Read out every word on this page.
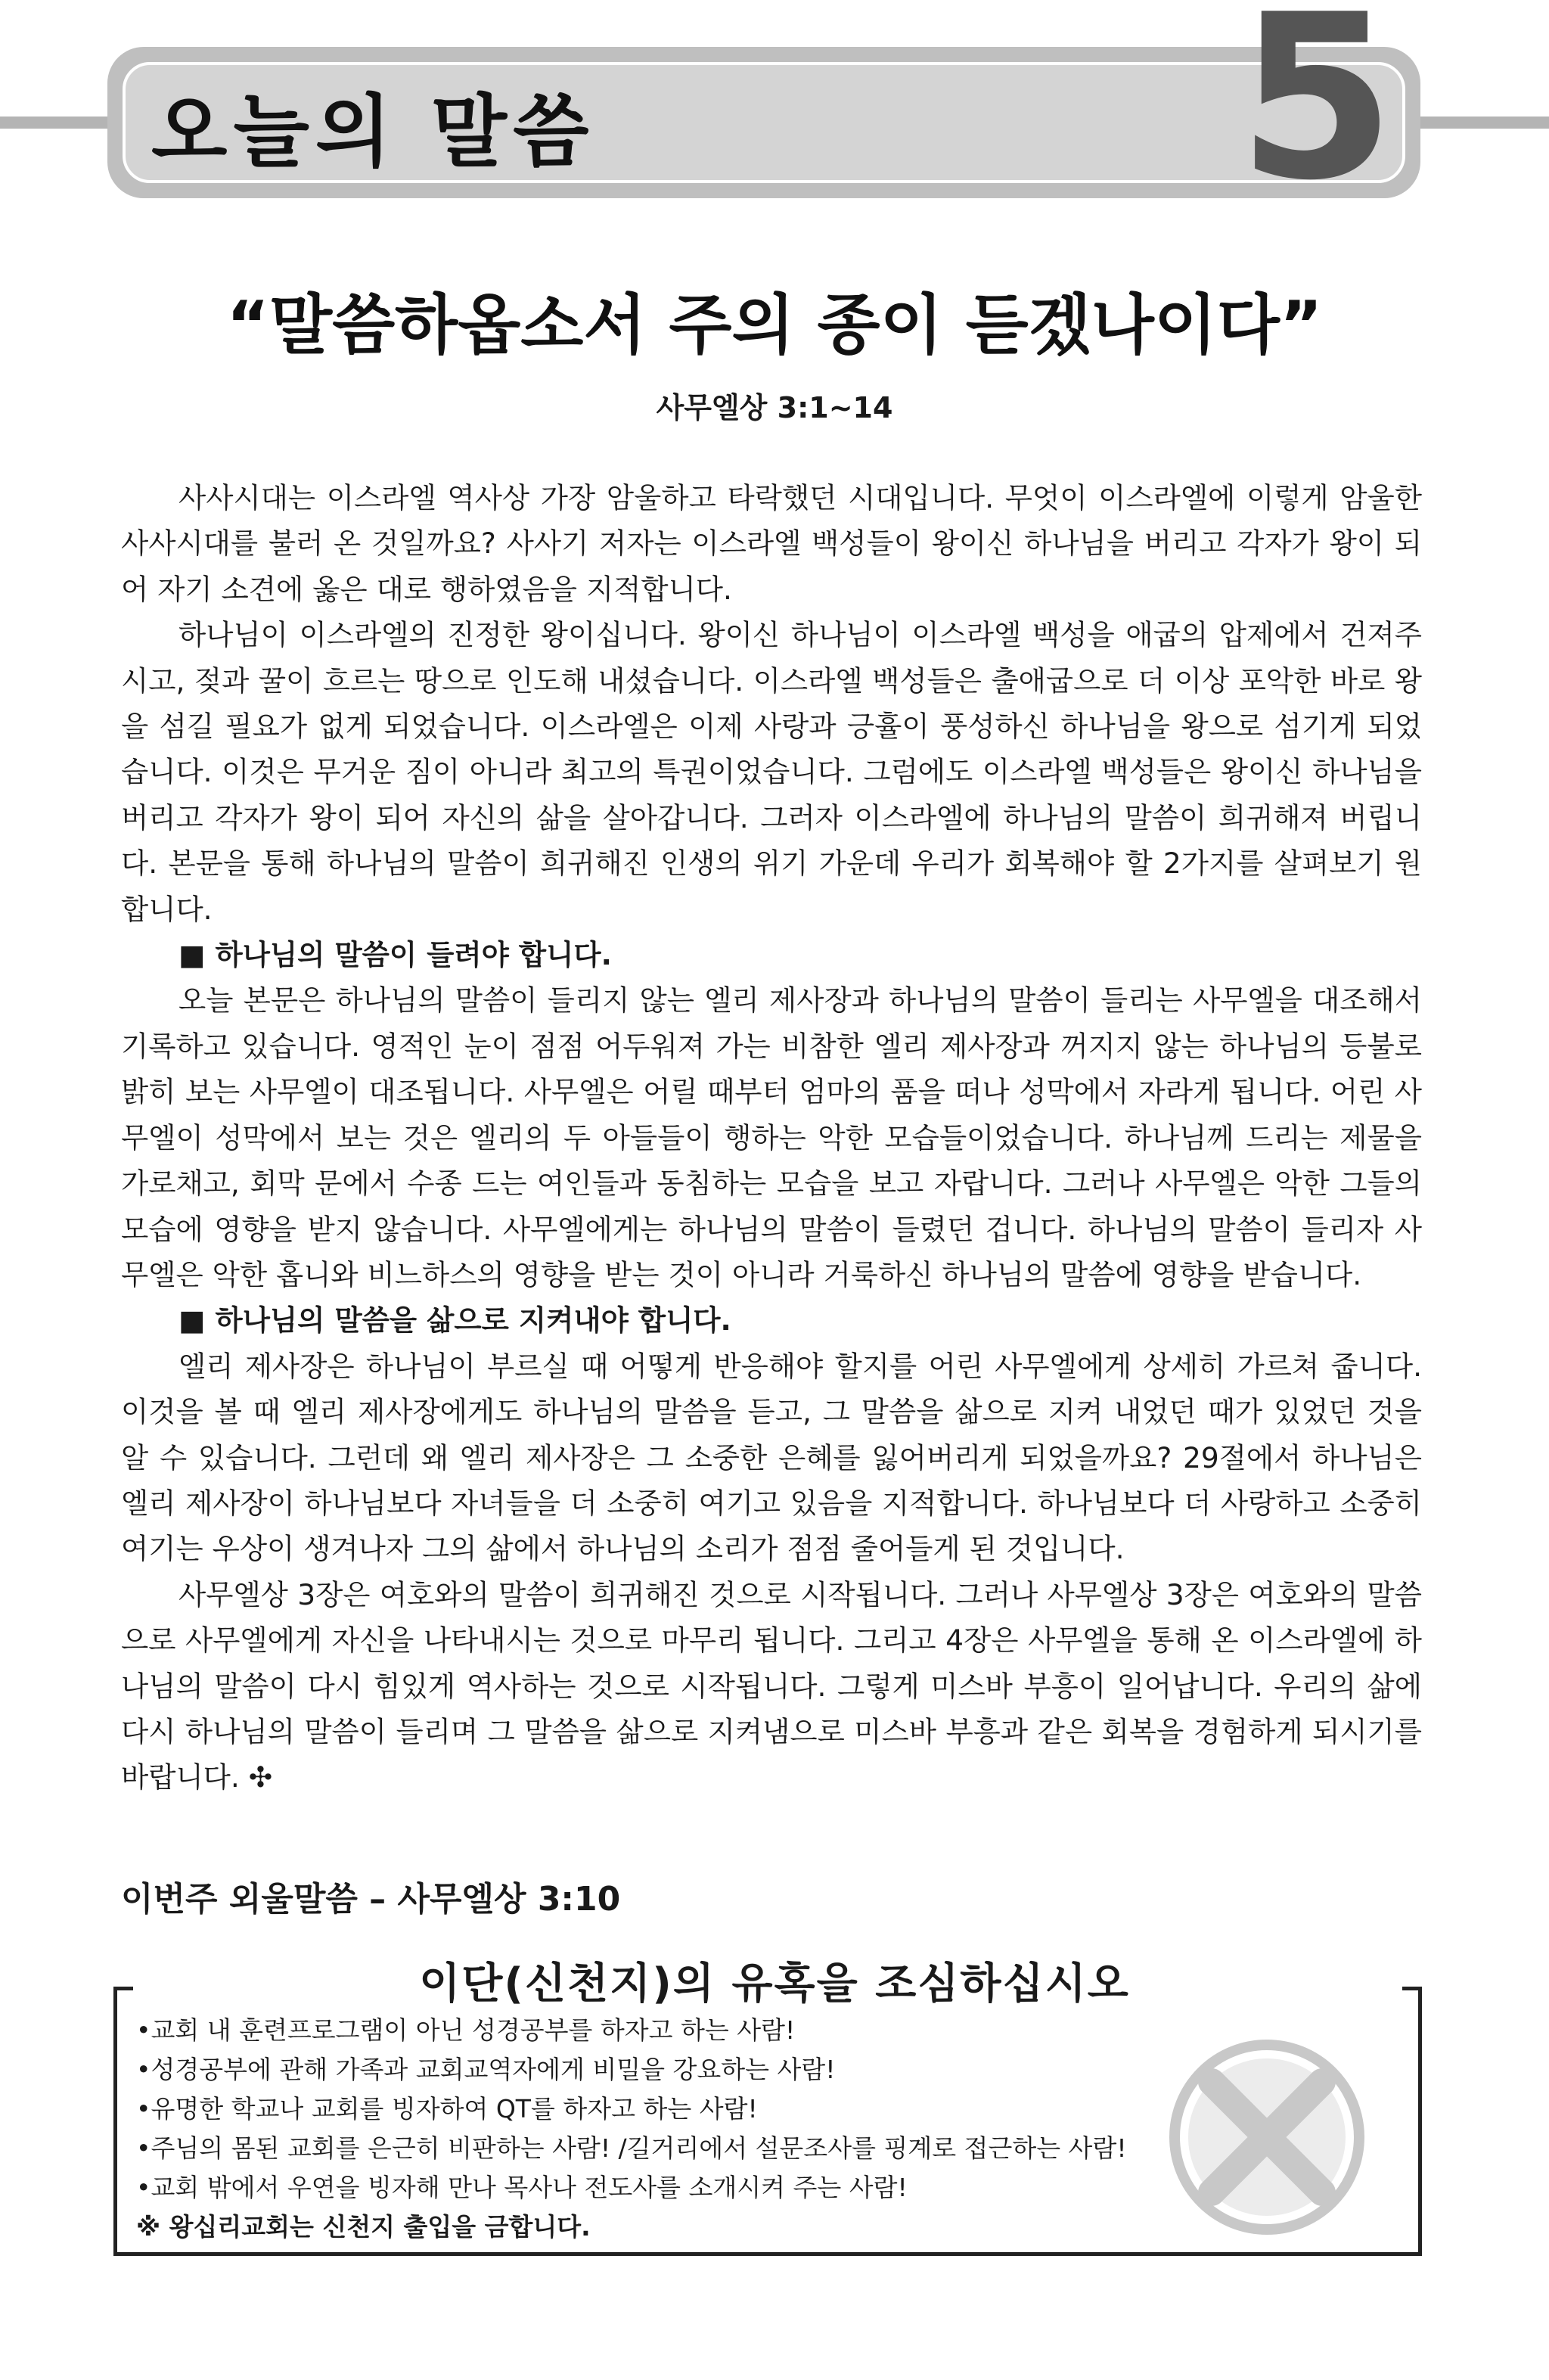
오늘의 말씀	5
“말씀하옵소서 주의 종이 듣겠나이다”
사무엘상 3:1~14

사사시대는 이스라엘 역사상 가장 암울하고 타락했던 시대입니다. 무엇이 이스라엘에 이렇게 암울한 사사시대를 불러 온 것일까요? 사사기 저자는 이스라엘 백성들이 왕이신 하나님을 버리고 각자가 왕이 되어 자기 소견에 옳은 대로 행하였음을 지적합니다.

하나님이 이스라엘의 진정한 왕이십니다. 왕이신 하나님이 이스라엘 백성을 애굽의 압제에서 건져주시고, 젖과 꿀이 흐르는 땅으로 인도해 내셨습니다. 이스라엘 백성들은 출애굽으로 더 이상 포악한 바로 왕을 섬길 필요가 없게 되었습니다. 이스라엘은 이제 사랑과 긍휼이 풍성하신 하나님을 왕으로 섬기게 되었습니다. 이것은 무거운 짐이 아니라 최고의 특권이었습니다. 그럼에도 이스라엘 백성들은 왕이신 하나님을 버리고 각자가 왕이 되어 자신의 삶을 살아갑니다. 그러자 이스라엘에 하나님의 말씀이 희귀해져 버립니다. 본문을 통해 하나님의 말씀이 희귀해진 인생의 위기 가운데 우리가 회복해야 할 2가지를 살펴보기 원합니다.

■ 하나님의 말씀이 들려야 합니다.

오늘 본문은 하나님의 말씀이 들리지 않는 엘리 제사장과 하나님의 말씀이 들리는 사무엘을 대조해서 기록하고 있습니다. 영적인 눈이 점점 어두워져 가는 비참한 엘리 제사장과 꺼지지 않는 하나님의 등불로 밝히 보는 사무엘이 대조됩니다. 사무엘은 어릴 때부터 엄마의 품을 떠나 성막에서 자라게 됩니다. 어린 사무엘이 성막에서 보는 것은 엘리의 두 아들들이 행하는 악한 모습들이었습니다. 하나님께 드리는 제물을 가로채고, 회막 문에서 수종 드는 여인들과 동침하는 모습을 보고 자랍니다. 그러나 사무엘은 악한 그들의 모습에 영향을 받지 않습니다. 사무엘에게는 하나님의 말씀이 들렸던 겁니다. 하나님의 말씀이 들리자 사무엘은 악한 홉니와 비느하스의 영향을 받는 것이 아니라 거룩하신 하나님의 말씀에 영향을 받습니다.

■ 하나님의 말씀을 삶으로 지켜내야 합니다.

엘리 제사장은 하나님이 부르실 때 어떻게 반응해야 할지를 어린 사무엘에게 상세히 가르쳐 줍니다. 이것을 볼 때 엘리 제사장에게도 하나님의 말씀을 듣고, 그 말씀을 삶으로 지켜 내었던 때가 있었던 것을 알 수 있습니다. 그런데 왜 엘리 제사장은 그 소중한 은혜를 잃어버리게 되었을까요? 29절에서 하나님은 엘리 제사장이 하나님보다 자녀들을 더 소중히 여기고 있음을 지적합니다. 하나님보다 더 사랑하고 소중히 여기는 우상이 생겨나자 그의 삶에서 하나님의 소리가 점점 줄어들게 된 것입니다.

사무엘상 3장은 여호와의 말씀이 희귀해진 것으로 시작됩니다. 그러나 사무엘상 3장은 여호와의 말씀으로 사무엘에게 자신을 나타내시는 것으로 마무리 됩니다. 그리고 4장은 사무엘을 통해 온 이스라엘에 하나님의 말씀이 다시 힘있게 역사하는 것으로 시작됩니다. 그렇게 미스바 부흥이 일어납니다. 우리의 삶에 다시 하나님의 말씀이 들리며 그 말씀을 삶으로 지켜냄으로 미스바 부흥과 같은 회복을 경험하게 되시기를 바랍니다. ✣

이번주 외울말씀 – 사무엘상 3:10
이단(신천지)의 유혹을 조심하십시오
•교회 내 훈련프로그램이 아닌 성경공부를 하자고 하는 사람!
•성경공부에 관해 가족과 교회교역자에게 비밀을 강요하는 사람!
•유명한 학교나 교회를 빙자하여 QT를 하자고 하는 사람!
•주님의 몸된 교회를 은근히 비판하는 사람! /길거리에서 설문조사를 핑계로 접근하는 사람!
•교회 밖에서 우연을 빙자해 만나 목사나 전도사를 소개시켜 주는 사람!
※ 왕십리교회는 신천지 출입을 금합니다.
